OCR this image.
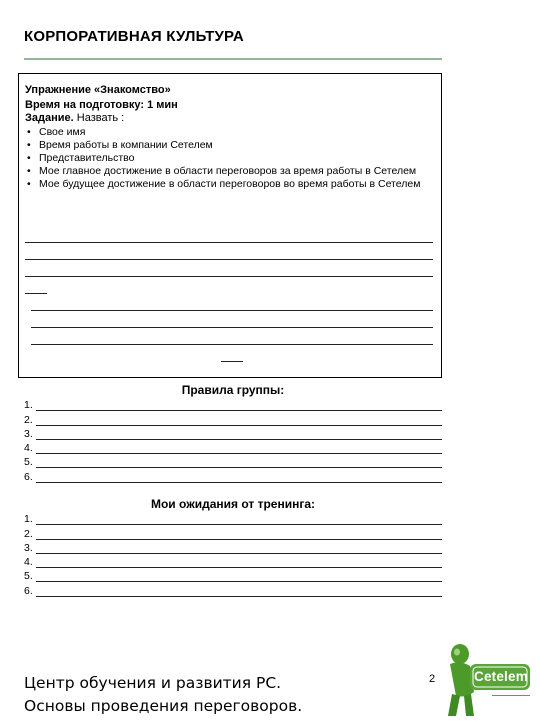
КОРПОРАТИВНАЯ КУЛЬТУРА
Упражнение «Знакомство»
Время на подготовку: 1 мин
Задание. Назвать :
• Свое имя
• Время работы в компании Сетелем
• Представительство
• Мое главное достижение в области переговоров за время работы в Сетелем
• Мое будущее достижение в области переговоров во время работы в Сетелем
Правила группы:
1.
2.
3.
4.
5.
6.
Мои ожидания от тренинга:
1.
2.
3.
4.
5.
6.
Центр обучения и развития РС.
Основы проведения переговоров.
2	Cetelem
